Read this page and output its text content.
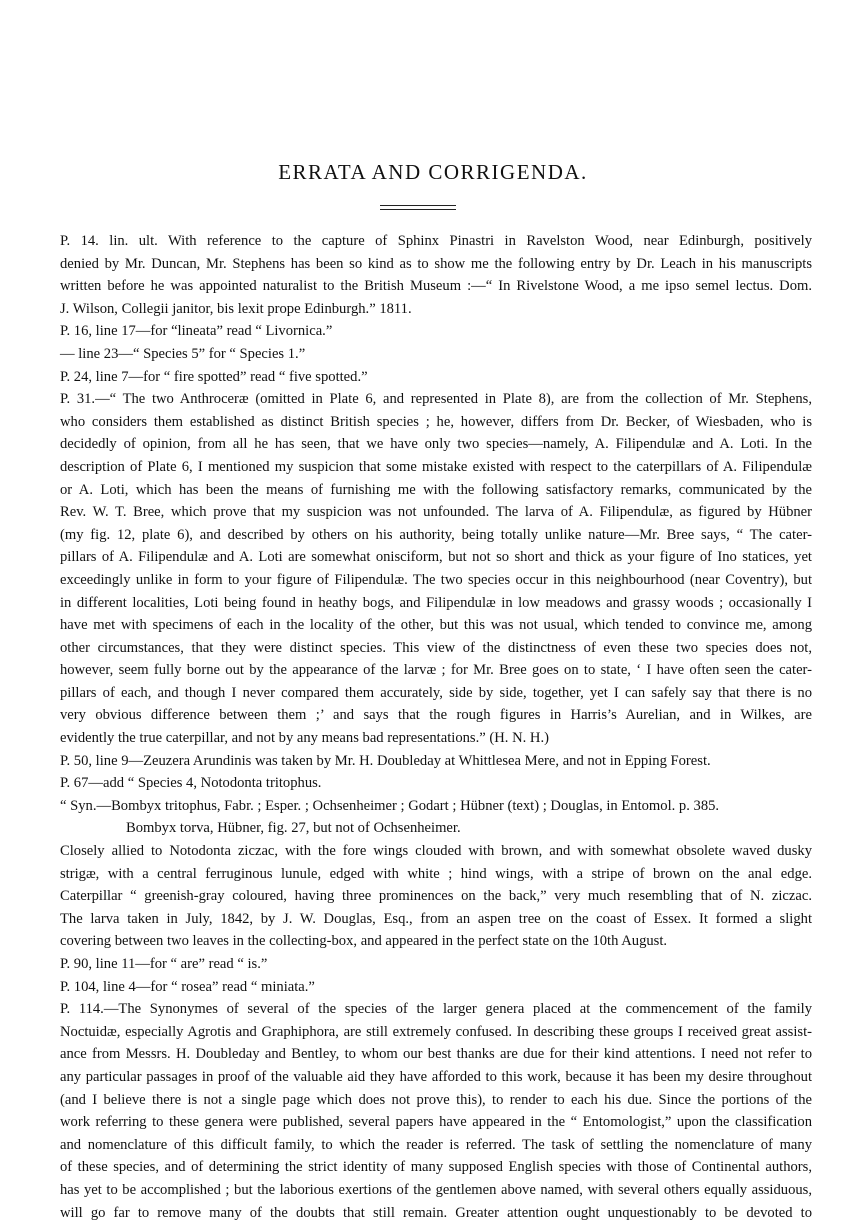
ERRATA AND CORRIGENDA.
P. 14. lin. ult. With reference to the capture of Sphinx Pinastri in Ravelston Wood, near Edinburgh, positively
denied by Mr. Duncan, Mr. Stephens has been so kind as to show me the following entry by Dr. Leach in his manuscripts
written before he was appointed naturalist to the British Museum :—“ In Rivelstone Wood, a me ipso semel lectus. Dom.
J. Wilson, Collegii janitor, bis lexit prope Edinburgh.” 1811.
P. 16, line 17—for “lineata” read “ Livornica.”
— line 23—“ Species 5” for “ Species 1.”
P. 24, line 7—for “ fire spotted” read “ five spotted.”
P. 31.—“ The two Anthroceræ (omitted in Plate 6, and represented in Plate 8), are from the collection of Mr. Stephens,
who considers them established as distinct British species ; he, however, differs from Dr. Becker, of Wiesbaden, who is
decidedly of opinion, from all he has seen, that we have only two species—namely, A. Filipendulæ and A. Loti. In the
description of Plate 6, I mentioned my suspicion that some mistake existed with respect to the caterpillars of A. Filipendulæ
or A. Loti, which has been the means of furnishing me with the following satisfactory remarks, communicated by the
Rev. W. T. Bree, which prove that my suspicion was not unfounded. The larva of A. Filipendulæ, as figured by Hübner
(my fig. 12, plate 6), and described by others on his authority, being totally unlike nature—Mr. Bree says, “ The cater-
pillars of A. Filipendulæ and A. Loti are somewhat onisciform, but not so short and thick as your figure of Ino statices, yet
exceedingly unlike in form to your figure of Filipendulæ. The two species occur in this neighbourhood (near Coventry), but
in different localities, Loti being found in heathy bogs, and Filipendulæ in low meadows and grassy woods ; occasionally I
have met with specimens of each in the locality of the other, but this was not usual, which tended to convince me, among
other circumstances, that they were distinct species. This view of the distinctness of even these two species does not,
however, seem fully borne out by the appearance of the larvæ ; for Mr. Bree goes on to state, ‘ I have often seen the cater-
pillars of each, and though I never compared them accurately, side by side, together, yet I can safely say that there is no
very obvious difference between them ;’ and says that the rough figures in Harris’s Aurelian, and in Wilkes, are
evidently the true caterpillar, and not by any means bad representations.” (H. N. H.)
P. 50, line 9—Zeuzera Arundinis was taken by Mr. H. Doubleday at Whittlesea Mere, and not in Epping Forest.
P. 67—add “ Species 4, Notodonta tritophus.
“ Syn.—Bombyx tritophus, Fabr. ; Esper. ; Ochsenheimer ; Godart ; Hübner (text) ; Douglas, in Entomol. p. 385.
Bombyx torva, Hübner, fig. 27, but not of Ochsenheimer.
Closely allied to Notodonta ziczac, with the fore wings clouded with brown, and with somewhat obsolete waved dusky
strigæ, with a central ferruginous lunule, edged with white ; hind wings, with a stripe of brown on the anal edge.
Caterpillar “ greenish-gray coloured, having three prominences on the back,” very much resembling that of N. ziczac.
The larva taken in July, 1842, by J. W. Douglas, Esq., from an aspen tree on the coast of Essex. It formed a slight
covering between two leaves in the collecting-box, and appeared in the perfect state on the 10th August.
P. 90, line 11—for “ are” read “ is.”
P. 104, line 4—for “ rosea” read “ miniata.”
P. 114.—The Synonymes of several of the species of the larger genera placed at the commencement of the family
Noctuidæ, especially Agrotis and Graphiphora, are still extremely confused. In describing these groups I received great assist-
ance from Messrs. H. Doubleday and Bentley, to whom our best thanks are due for their kind attentions. I need not refer to
any particular passages in proof of the valuable aid they have afforded to this work, because it has been my desire throughout
(and I believe there is not a single page which does not prove this), to render to each his due. Since the portions of the
work referring to these genera were published, several papers have appeared in the “ Entomologist,” upon the classification
and nomenclature of this difficult family, to which the reader is referred. The task of settling the nomenclature of many
of these species, and of determining the strict identity of many supposed English species with those of Continental authors,
has yet to be accomplished ; but the laborious exertions of the gentlemen above named, with several others equally assiduous,
will go far to remove many of the doubts that still remain. Greater attention ought unquestionably to be devoted to
